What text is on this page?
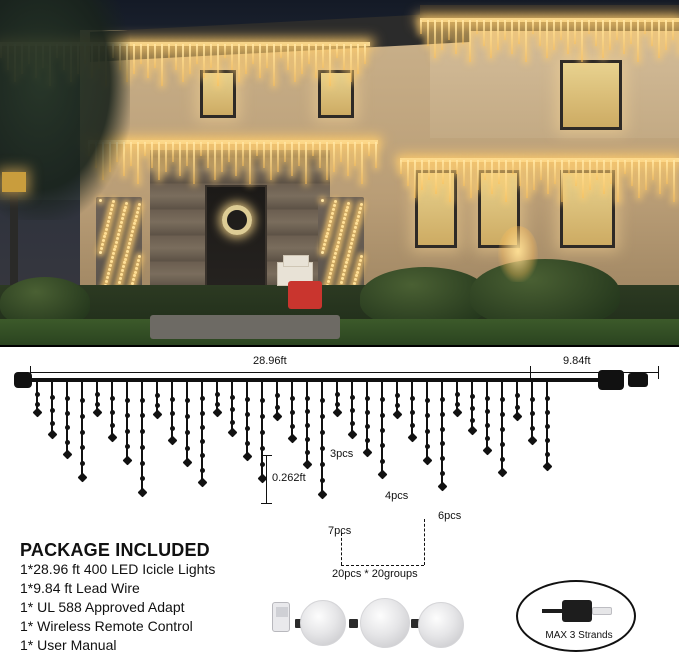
28.96ft	9.84ft
0.262ft
3pcs
4pcs
6pcs
7pcs
20pcs * 20groups
PACKAGE INCLUDED
1*28.96 ft 400 LED Icicle Lights
1*9.84 ft Lead Wire
1* UL 588 Approved Adapt
1* Wireless Remote Control
1* User Manual
MAX 3 Strands
